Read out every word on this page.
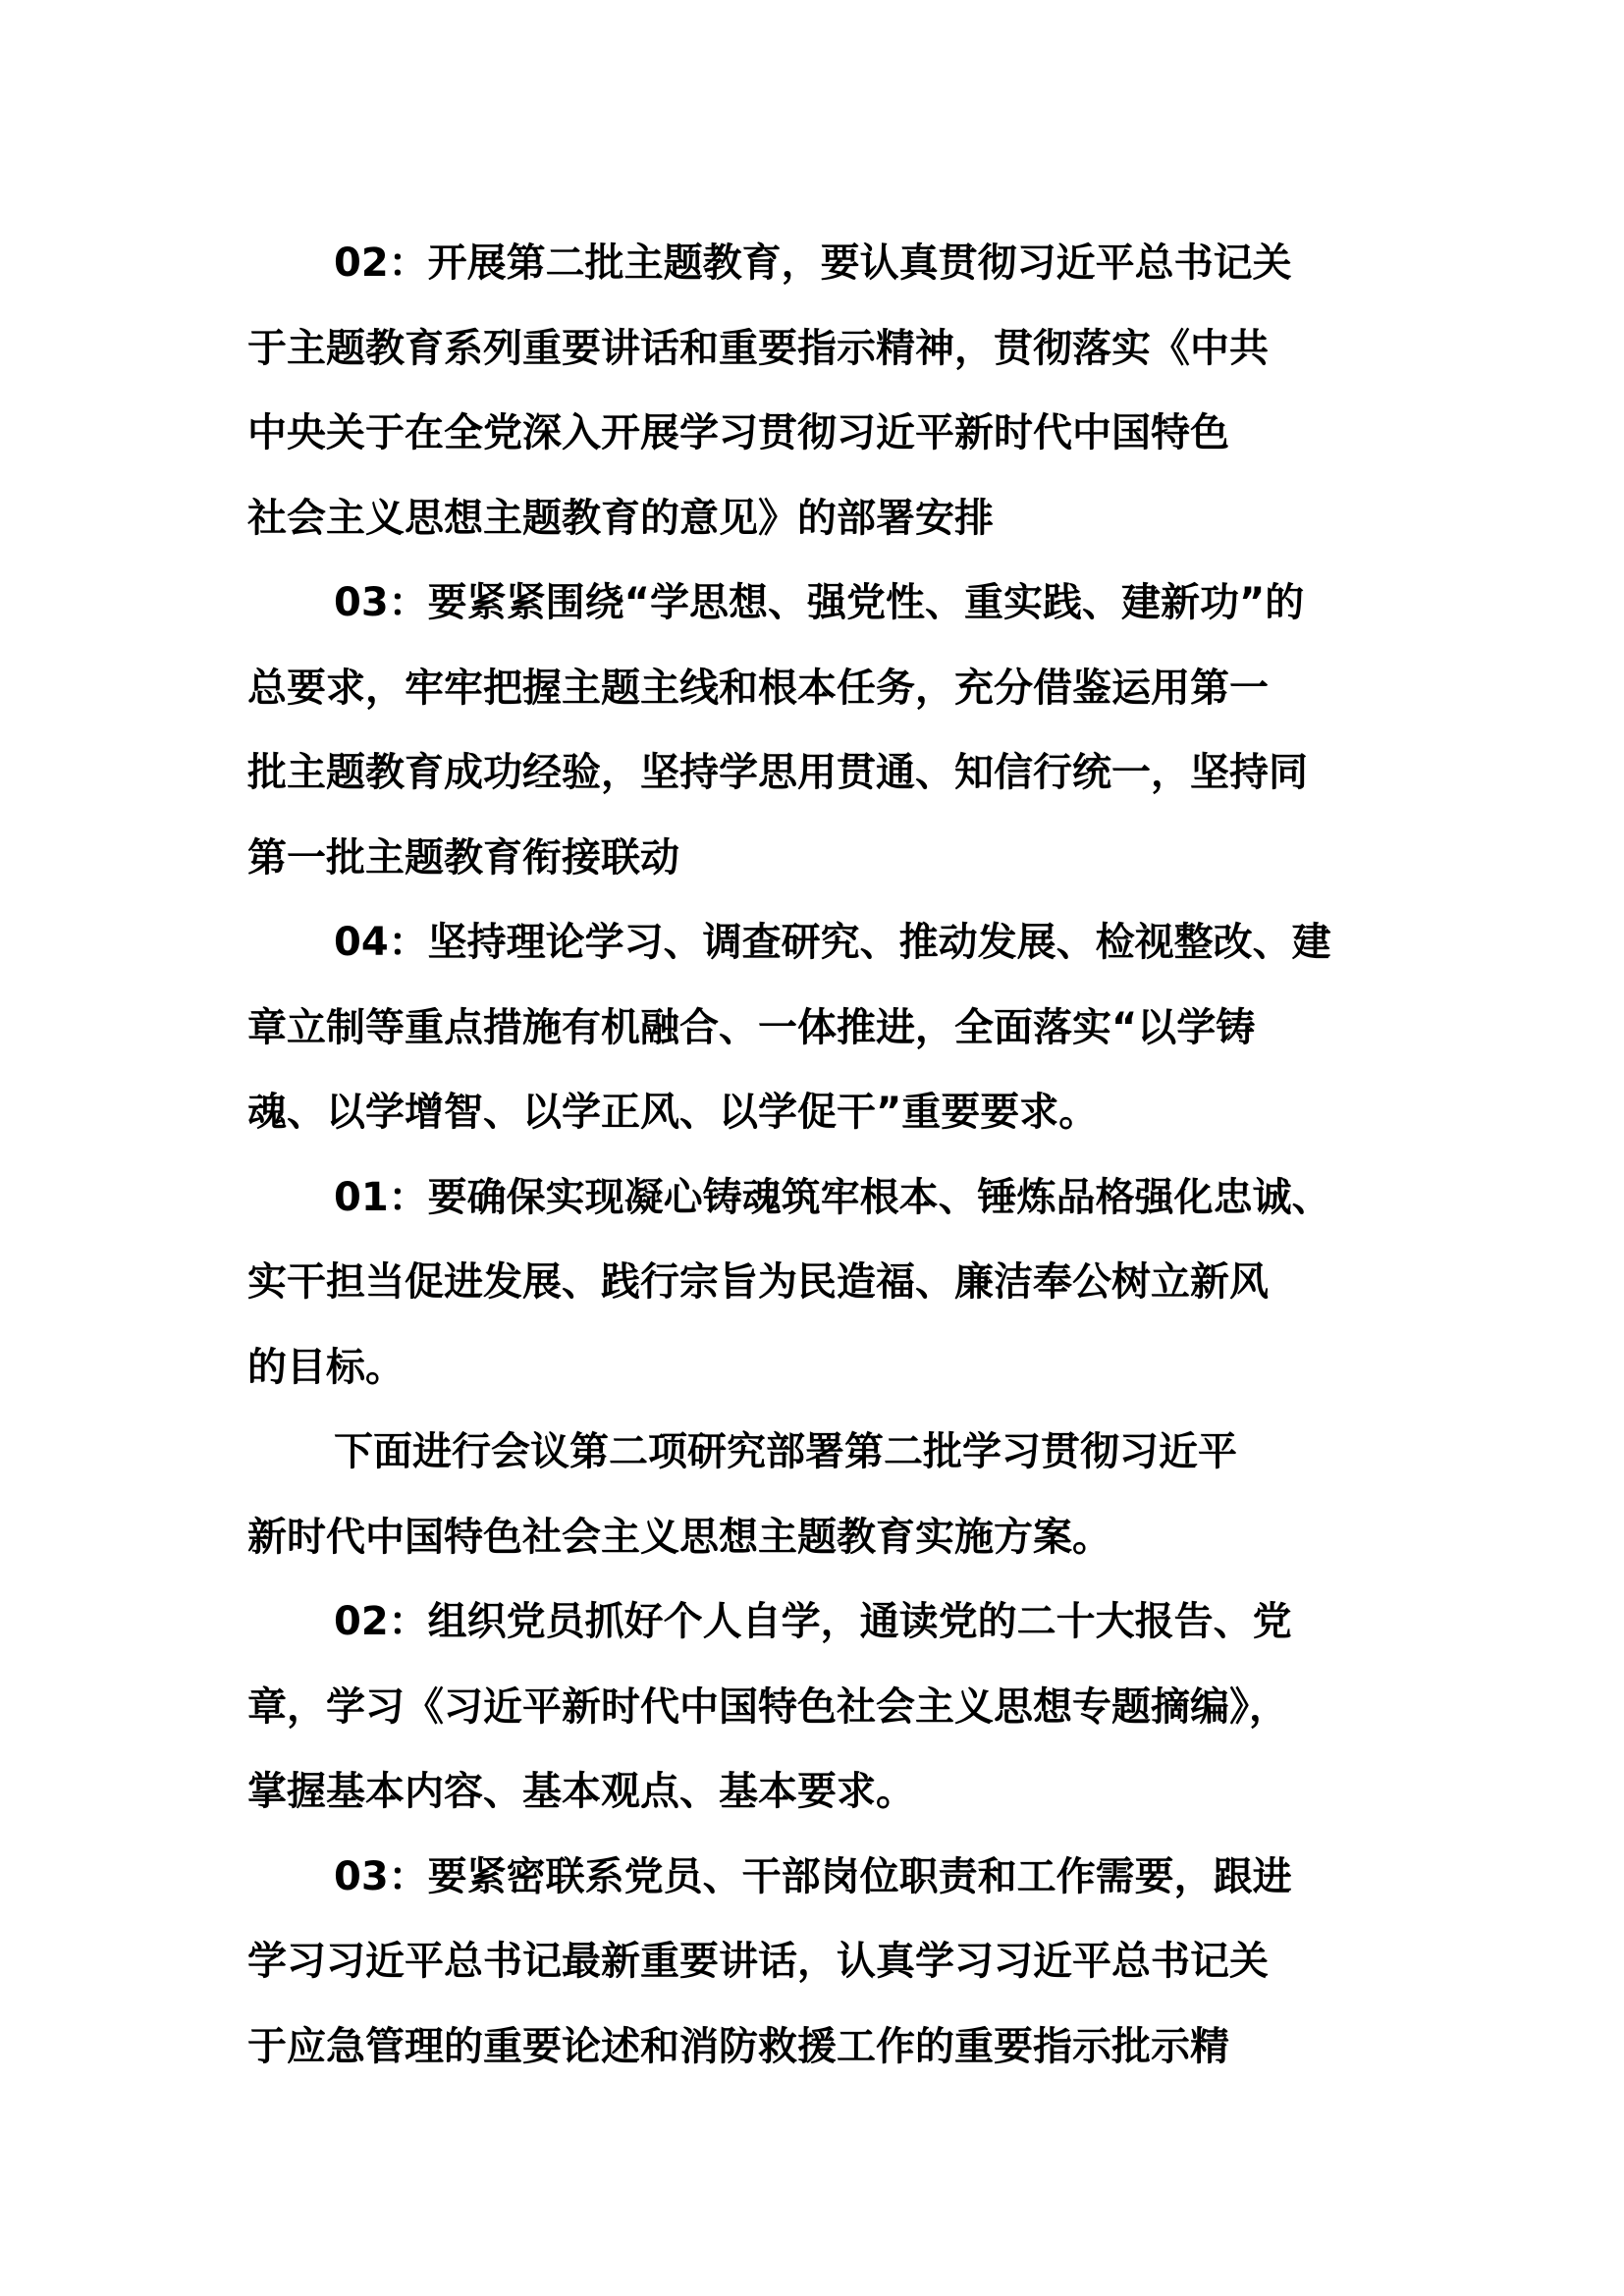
02：开展第二批主题教育，要认真贯彻习近平总书记关
于主题教育系列重要讲话和重要指示精神，贯彻落实《中共
中央关于在全党深入开展学习贯彻习近平新时代中国特色
社会主义思想主题教育的意见》的部署安排
03：要紧紧围绕“学思想、强党性、重实践、建新功”的
总要求，牢牢把握主题主线和根本任务，充分借鉴运用第一
批主题教育成功经验，坚持学思用贯通、知信行统一，坚持同
第一批主题教育衔接联动
04：坚持理论学习、调查研究、推动发展、检视整改、建
章立制等重点措施有机融合、一体推进，全面落实“以学铸
魂、以学增智、以学正风、以学促干”重要要求。
01：要确保实现凝心铸魂筑牢根本、锤炼品格强化忠诚、
实干担当促进发展、践行宗旨为民造福、廉洁奉公树立新风
的目标。
下面进行会议第二项研究部署第二批学习贯彻习近平
新时代中国特色社会主义思想主题教育实施方案。
02：组织党员抓好个人自学，通读党的二十大报告、党
章，学习《习近平新时代中国特色社会主义思想专题摘编》，
掌握基本内容、基本观点、基本要求。
03：要紧密联系党员、干部岗位职责和工作需要，跟进
学习习近平总书记最新重要讲话，认真学习习近平总书记关
于应急管理的重要论述和消防救援工作的重要指示批示精
